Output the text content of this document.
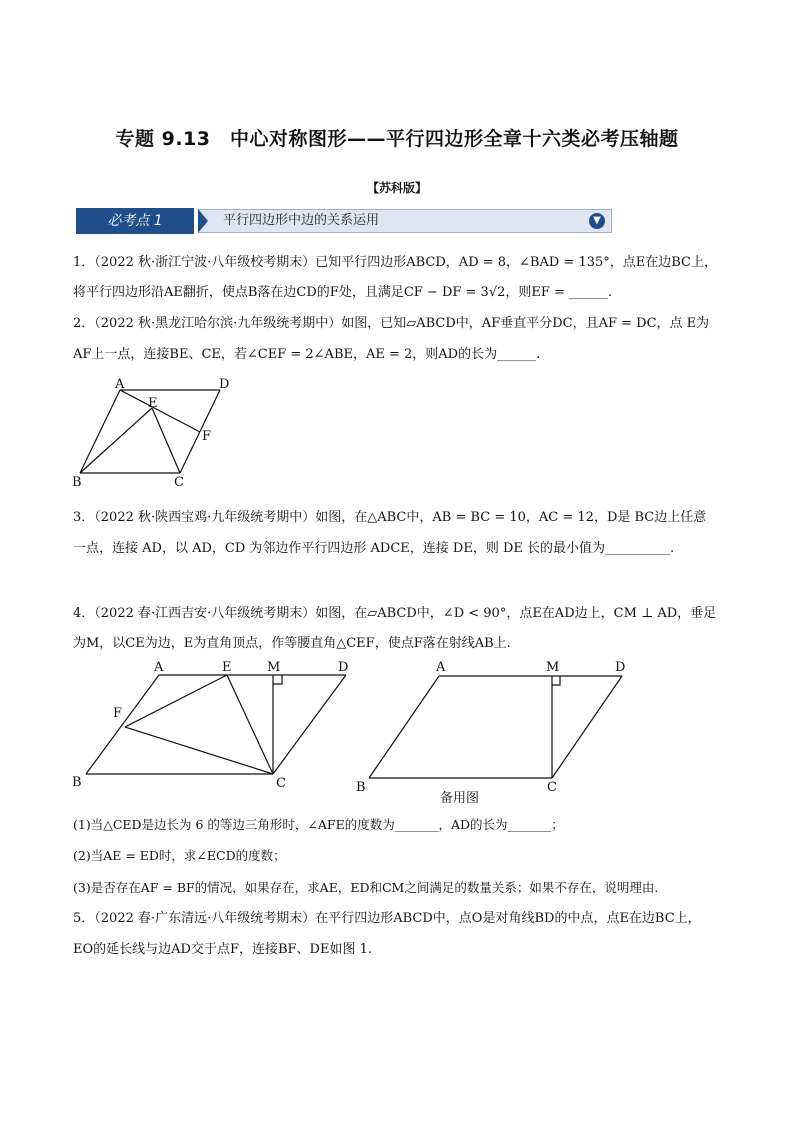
专题 9.13　中心对称图形——平行四边形全章十六类必考压轴题
【苏科版】
必考点 1	平行四边形中边的关系运用	▼
1．（2022 秋·浙江宁波·八年级校考期末）已知平行四边形ABCD，AD = 8，∠BAD = 135°，点E在边BC上，
将平行四边形沿AE翻折，使点B落在边CD的F处，且满足CF − DF = 3√2，则EF = ______.
2．（2022 秋·黑龙江哈尔滨·九年级统考期中）如图，已知▱ABCD中，AF垂直平分DC，且AF = DC，点 E为
AF上一点，连接BE、CE，若∠CEF = 2∠ABE，AE = 2，则AD的长为______.
A	D
E
F
B	C
3．（2022 秋·陕西宝鸡·九年级统考期中）如图，在△ABC中，AB = BC = 10，AC = 12，D是 BC边上任意
一点，连接 AD，以 AD，CD 为邻边作平行四边形 ADCE，连接 DE，则 DE 长的最小值为__________.
4．（2022 春·江西吉安·八年级统考期末）如图，在▱ABCD中，∠D < 90°，点E在AD边上，CM ⊥ AD，垂足
为M，以CE为边，E为直角顶点，作等腰直角△CEF，使点F落在射线AB上.
A	E	M	D
F
B	C
A	M	D
B	C
备用图
(1)当△CED是边长为 6 的等边三角形时，∠AFE的度数为_______，AD的长为_______；
(2)当AE = ED时，求∠ECD的度数；
(3)是否存在AF = BF的情况，如果存在，求AE，ED和CM之间满足的数量关系；如果不存在，说明理由.
5．（2022 春·广东清远·八年级统考期末）在平行四边形ABCD中，点O是对角线BD的中点，点E在边BC上，
EO的延长线与边AD交于点F，连接BF、DE如图 1.
